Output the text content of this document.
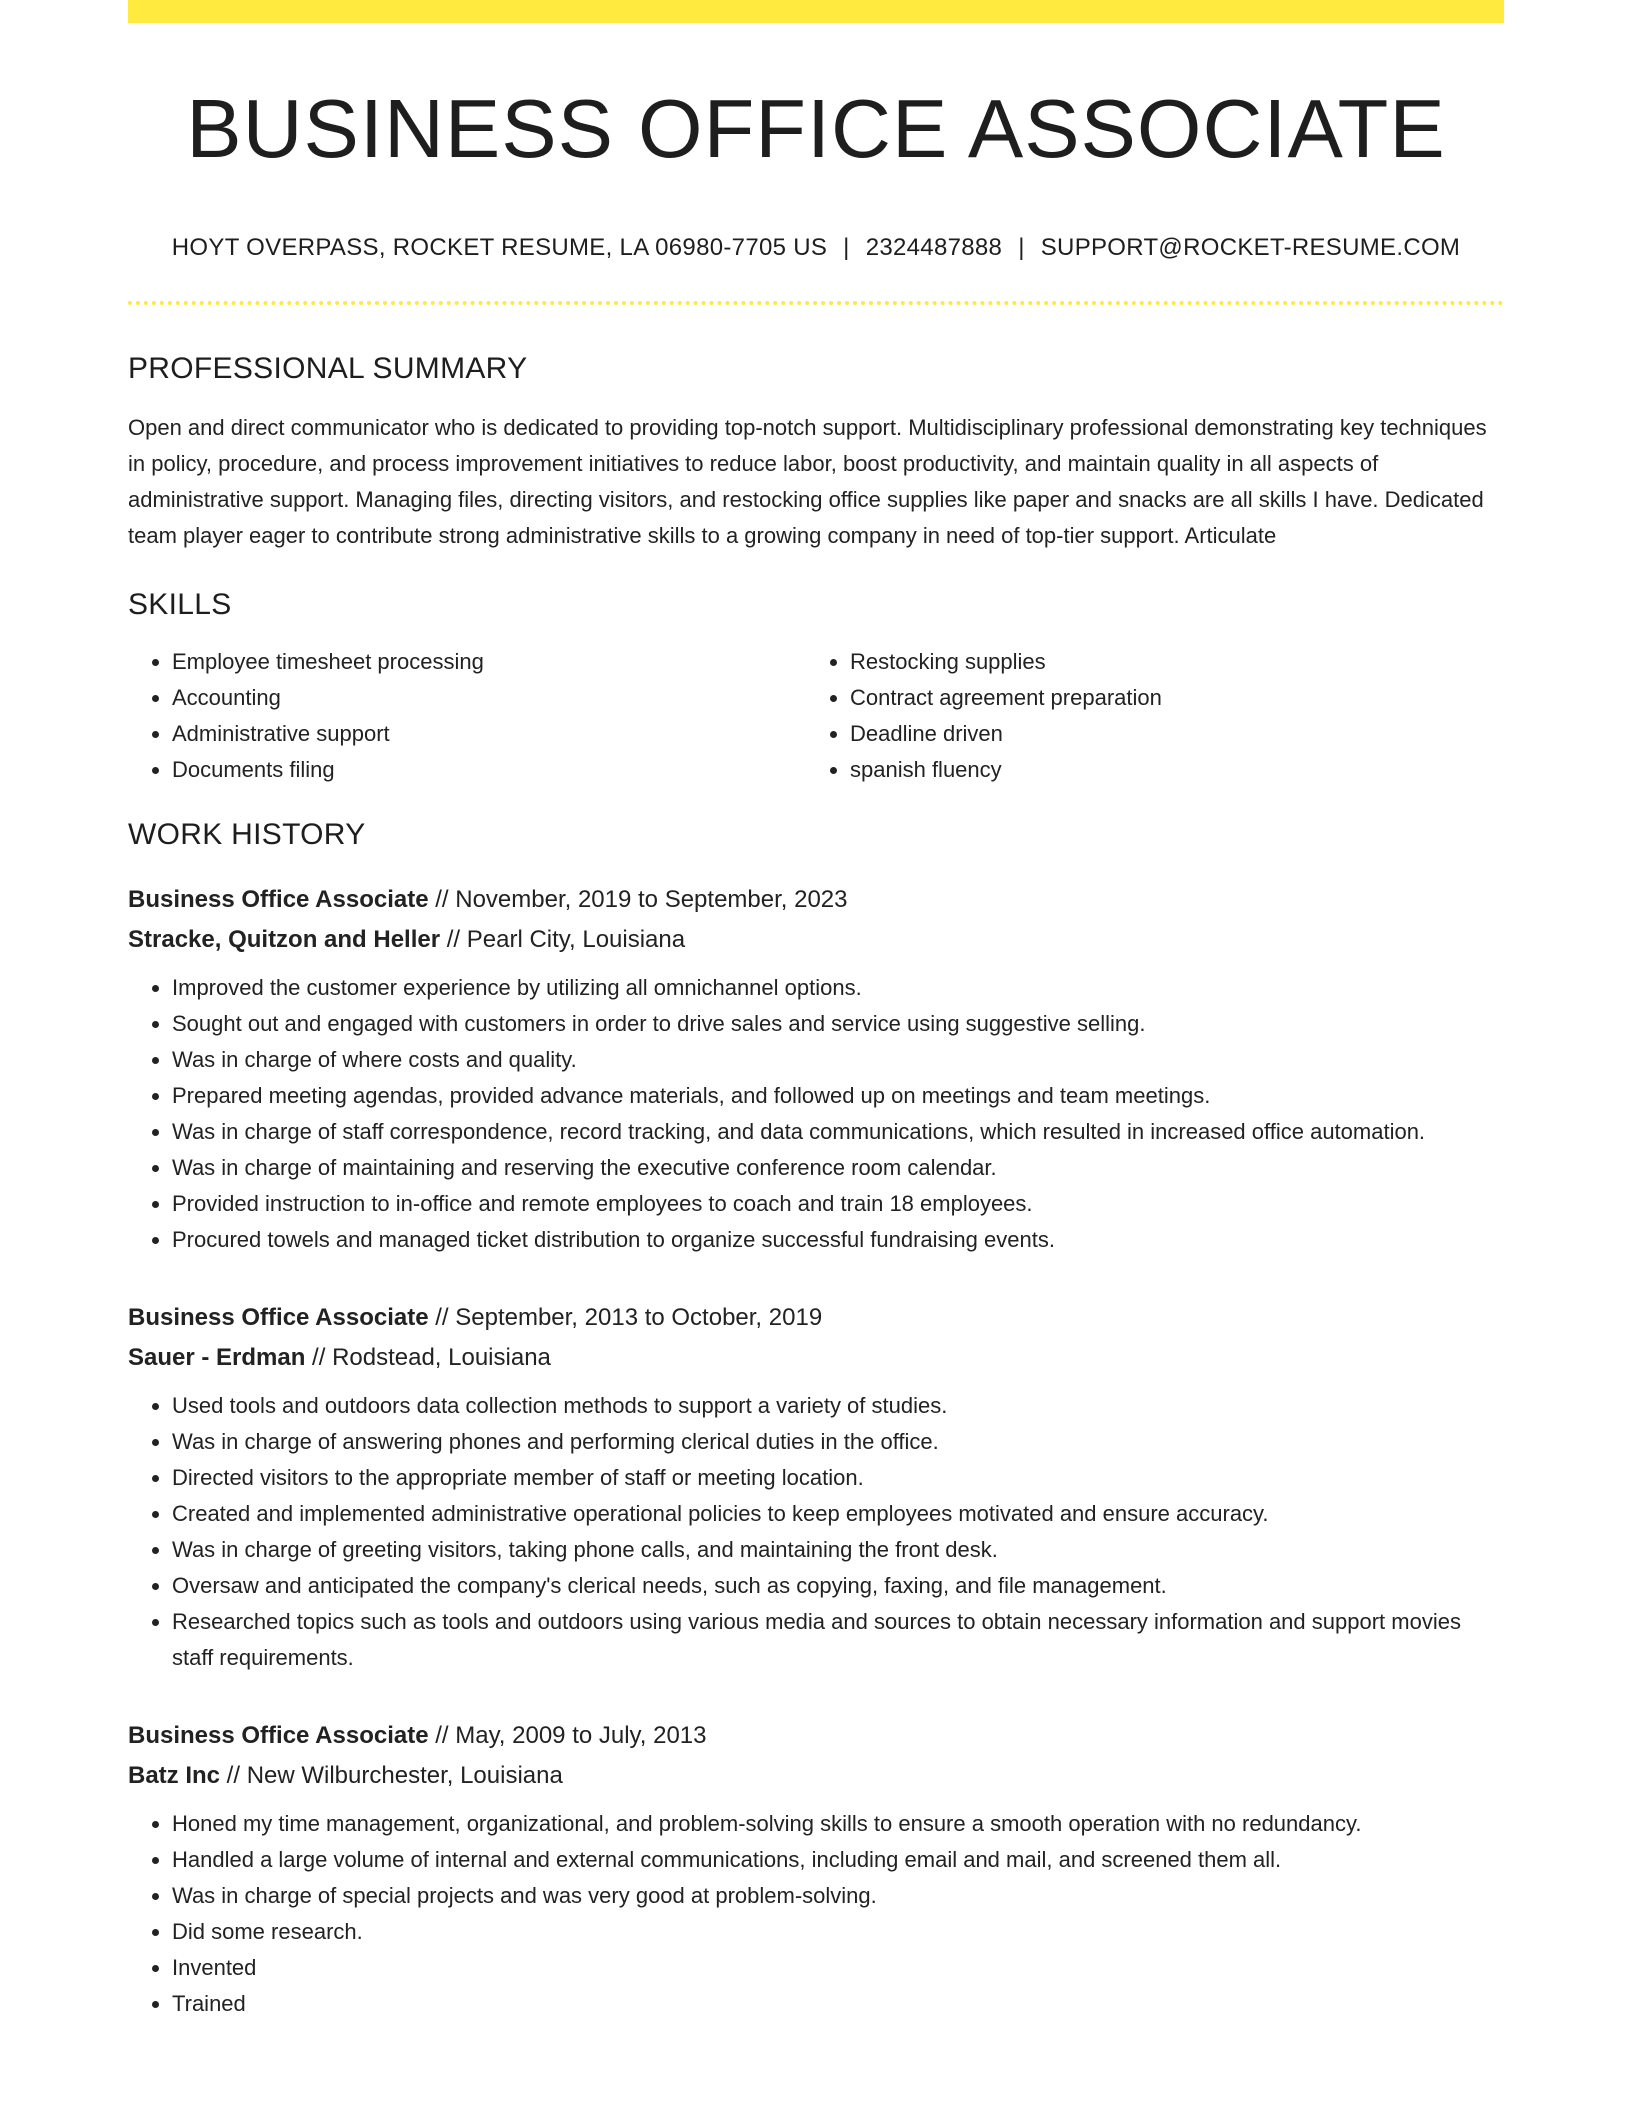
BUSINESS OFFICE ASSOCIATE
HOYT OVERPASS, ROCKET RESUME, LA 06980-7705 US | 2324487888 | SUPPORT@ROCKET-RESUME.COM
PROFESSIONAL SUMMARY
Open and direct communicator who is dedicated to providing top-notch support. Multidisciplinary professional demonstrating key techniques in policy, procedure, and process improvement initiatives to reduce labor, boost productivity, and maintain quality in all aspects of administrative support. Managing files, directing visitors, and restocking office supplies like paper and snacks are all skills I have. Dedicated team player eager to contribute strong administrative skills to a growing company in need of top-tier support. Articulate
SKILLS
• Employee timesheet processing
• Accounting
• Administrative support
• Documents filing
• Restocking supplies
• Contract agreement preparation
• Deadline driven
• spanish fluency
WORK HISTORY
Business Office Associate // November, 2019 to September, 2023
Stracke, Quitzon and Heller // Pearl City, Louisiana
• Improved the customer experience by utilizing all omnichannel options.
• Sought out and engaged with customers in order to drive sales and service using suggestive selling.
• Was in charge of where costs and quality.
• Prepared meeting agendas, provided advance materials, and followed up on meetings and team meetings.
• Was in charge of staff correspondence, record tracking, and data communications, which resulted in increased office automation.
• Was in charge of maintaining and reserving the executive conference room calendar.
• Provided instruction to in-office and remote employees to coach and train 18 employees.
• Procured towels and managed ticket distribution to organize successful fundraising events.
Business Office Associate // September, 2013 to October, 2019
Sauer - Erdman // Rodstead, Louisiana
• Used tools and outdoors data collection methods to support a variety of studies.
• Was in charge of answering phones and performing clerical duties in the office.
• Directed visitors to the appropriate member of staff or meeting location.
• Created and implemented administrative operational policies to keep employees motivated and ensure accuracy.
• Was in charge of greeting visitors, taking phone calls, and maintaining the front desk.
• Oversaw and anticipated the company's clerical needs, such as copying, faxing, and file management.
• Researched topics such as tools and outdoors using various media and sources to obtain necessary information and support movies staff requirements.
Business Office Associate // May, 2009 to July, 2013
Batz Inc // New Wilburchester, Louisiana
• Honed my time management, organizational, and problem-solving skills to ensure a smooth operation with no redundancy.
• Handled a large volume of internal and external communications, including email and mail, and screened them all.
• Was in charge of special projects and was very good at problem-solving.
• Did some research.
• Invented
• Trained
